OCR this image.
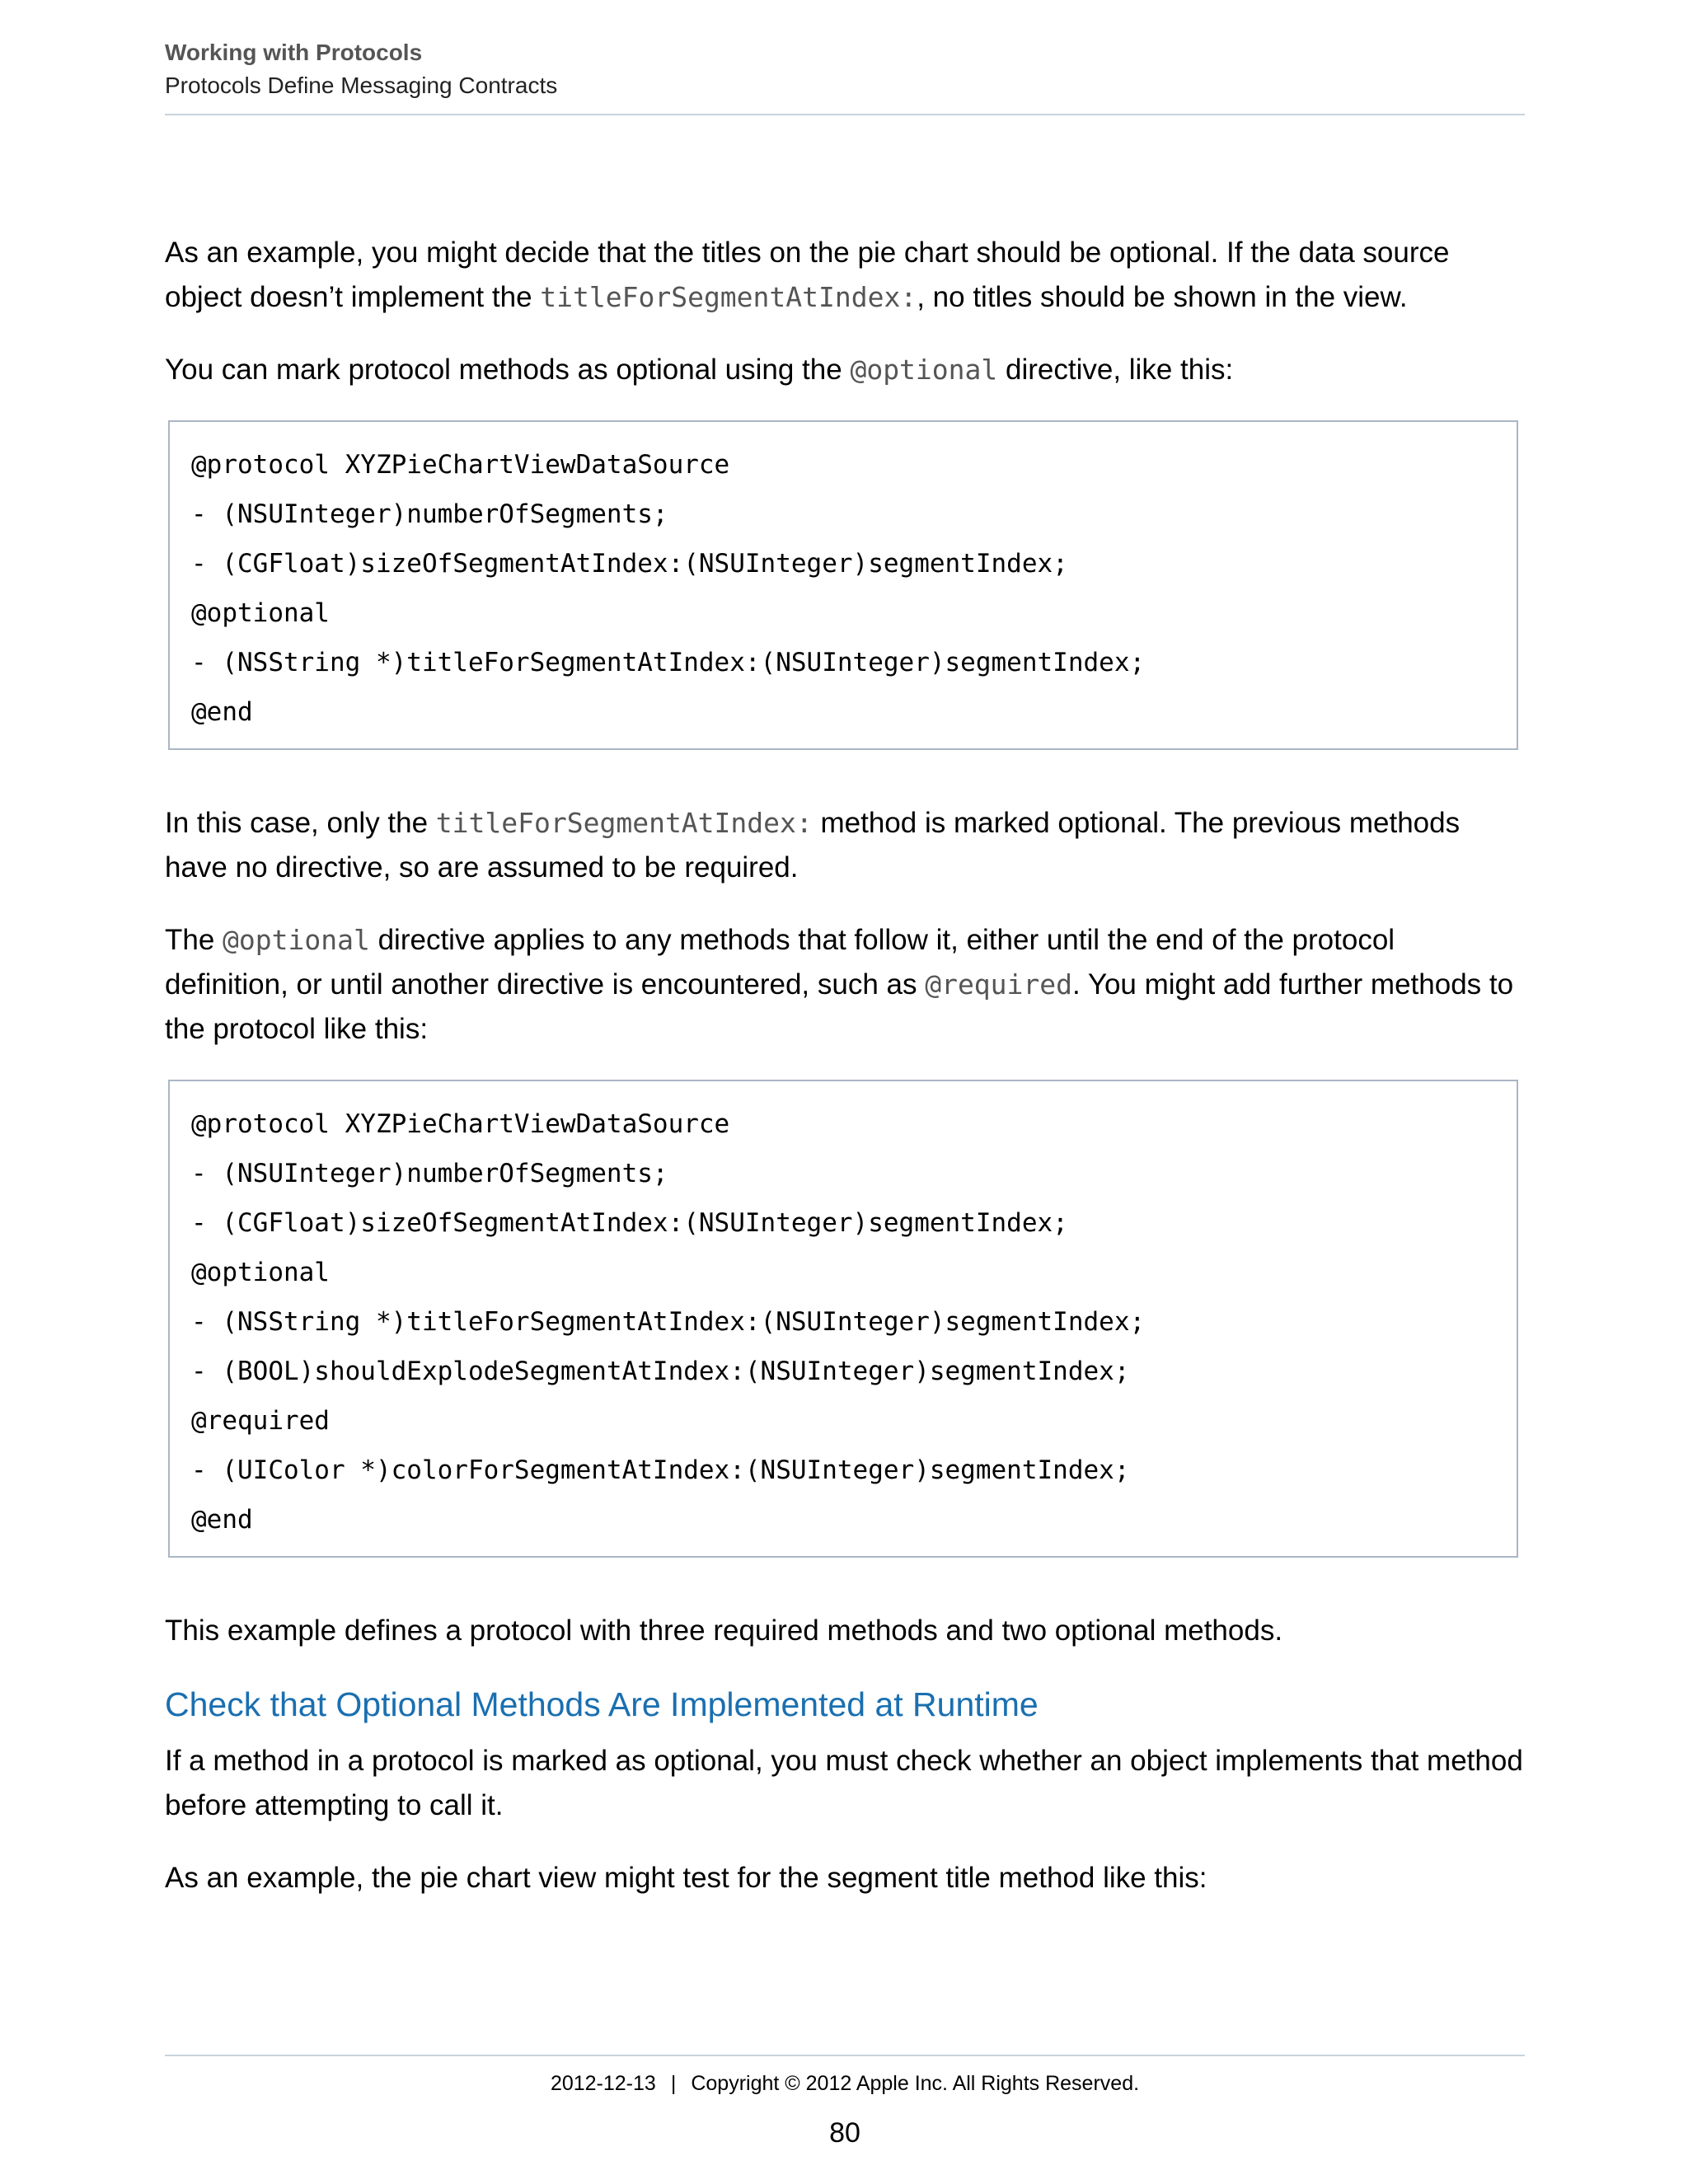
Working with Protocols
Protocols Define Messaging Contracts

As an example, you might decide that the titles on the pie chart should be optional. If the data source object doesn’t implement the titleForSegmentAtIndex:, no titles should be shown in the view.

You can mark protocol methods as optional using the @optional directive, like this:

@protocol XYZPieChartViewDataSource
- (NSUInteger)numberOfSegments;
- (CGFloat)sizeOfSegmentAtIndex:(NSUInteger)segmentIndex;
@optional
- (NSString *)titleForSegmentAtIndex:(NSUInteger)segmentIndex;
@end

In this case, only the titleForSegmentAtIndex: method is marked optional. The previous methods have no directive, so are assumed to be required.

The @optional directive applies to any methods that follow it, either until the end of the protocol definition, or until another directive is encountered, such as @required. You might add further methods to the protocol like this:

@protocol XYZPieChartViewDataSource
- (NSUInteger)numberOfSegments;
- (CGFloat)sizeOfSegmentAtIndex:(NSUInteger)segmentIndex;
@optional
- (NSString *)titleForSegmentAtIndex:(NSUInteger)segmentIndex;
- (BOOL)shouldExplodeSegmentAtIndex:(NSUInteger)segmentIndex;
@required
- (UIColor *)colorForSegmentAtIndex:(NSUInteger)segmentIndex;
@end

This example defines a protocol with three required methods and two optional methods.

Check that Optional Methods Are Implemented at Runtime

If a method in a protocol is marked as optional, you must check whether an object implements that method before attempting to call it.

As an example, the pie chart view might test for the segment title method like this:

2012-12-13 | Copyright © 2012 Apple Inc. All Rights Reserved.
80
